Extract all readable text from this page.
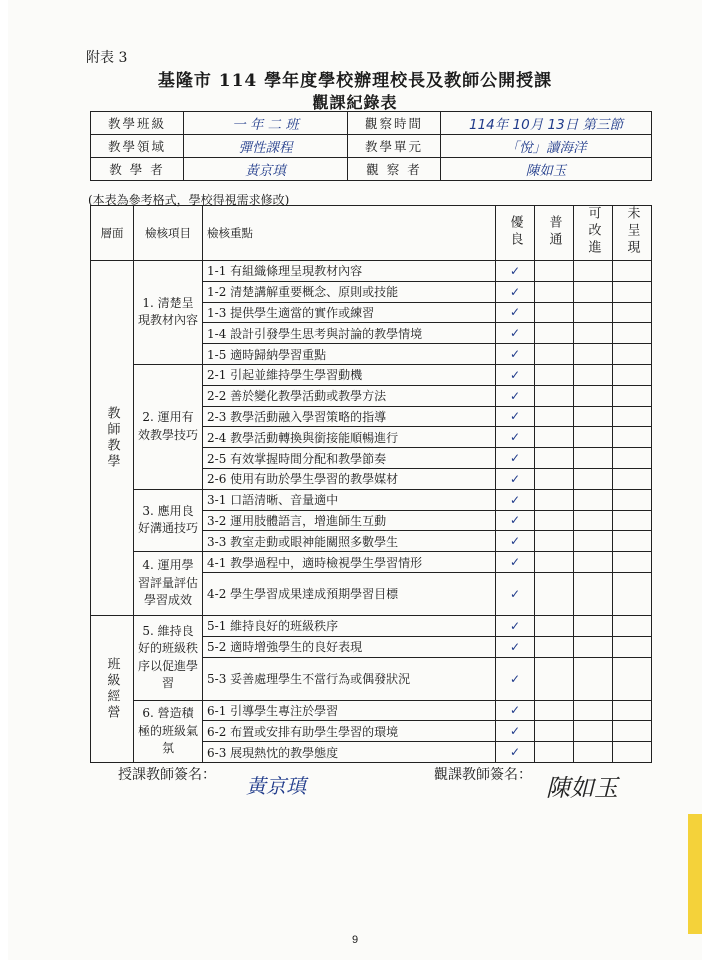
附表 3
基隆市 114 學年度學校辦理校長及教師公開授課
觀課紀錄表
教學班級	一 年 二 班	觀察時間	114年 10月 13日 第三節
教學領域	彈性課程	教學單元	「悅」讀海洋
教 學 者	黃京瑱	觀 察 者	陳如玉
(本表為參考格式，學校得視需求修改)
層面	檢核項目	檢核重點	優良	普通	可改進	未呈現
教師教學	1. 清楚呈現教材內容	1-1 有組織條理呈現教材內容	✓			
		1-2 清楚講解重要概念、原則或技能	✓			
		1-3 提供學生適當的實作或練習	✓			
		1-4 設計引發學生思考與討論的教學情境	✓			
		1-5 適時歸納學習重點	✓			
	2. 運用有效教學技巧	2-1 引起並維持學生學習動機	✓			
		2-2 善於變化教學活動或教學方法	✓			
		2-3 教學活動融入學習策略的指導	✓			
		2-4 教學活動轉換與銜接能順暢進行	✓			
		2-5 有效掌握時間分配和教學節奏	✓			
		2-6 使用有助於學生學習的教學媒材	✓			
	3. 應用良好溝通技巧	3-1 口語清晰、音量適中	✓			
		3-2 運用肢體語言，增進師生互動	✓			
		3-3 教室走動或眼神能關照多數學生	✓			
	4. 運用學習評量評估學習成效	4-1 教學過程中，適時檢視學生學習情形	✓			
		4-2 學生學習成果達成預期學習目標	✓			
班級經營	5. 維持良好的班級秩序以促進學習	5-1 維持良好的班級秩序	✓			
		5-2 適時增強學生的良好表現	✓			
		5-3 妥善處理學生不當行為或偶發狀況	✓			
	6. 營造積極的班級氣氛	6-1 引導學生專注於學習	✓			
		6-2 布置或安排有助學生學習的環境	✓			
		6-3 展現熱忱的教學態度	✓			
授課教師簽名： 黃京瑱	觀課教師簽名： 陳如玉
9
